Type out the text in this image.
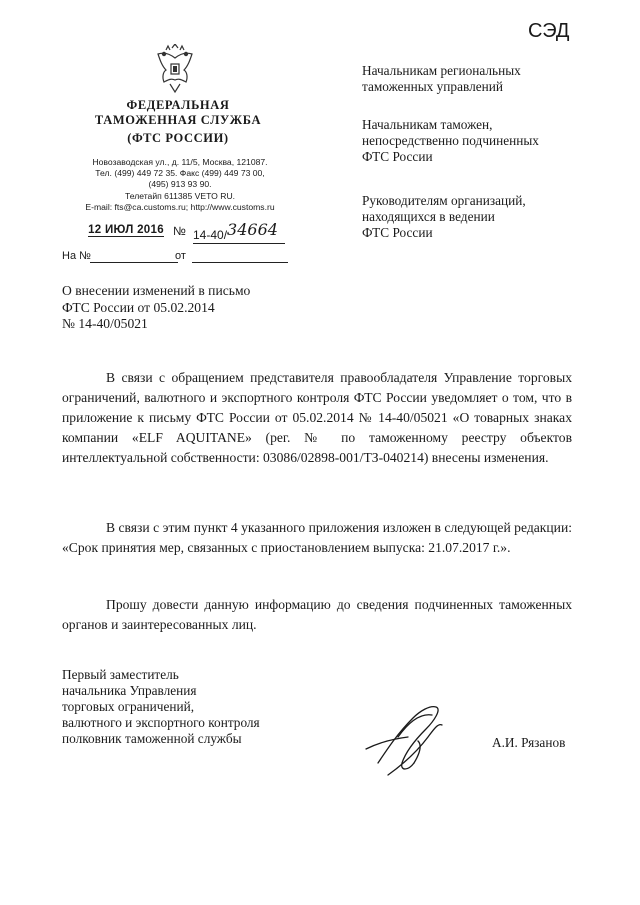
СЭД
ФЕДЕРАЛЬНАЯ
ТАМОЖЕННАЯ СЛУЖБА
(ФТС РОССИИ)
Новозаводская ул., д. 11/5, Москва, 121087.
Тел. (499) 449 72 35. Факс (499) 449 73 00,
(495) 913 93 90.
Телетайп 611385 VETO RU.
E-mail: fts@ca.customs.ru; http://www.customs.ru
12 ИЮЛ 2016 № 14-40/34664
На №	от
Начальникам региональных
таможенных управлений
Начальникам таможен,
непосредственно подчиненных
ФТС России
Руководителям организаций,
находящихся в ведении
ФТС России
О внесении изменений в письмо
ФТС России от 05.02.2014
№ 14-40/05021

В связи с обращением представителя правообладателя Управление торговых ограничений, валютного и экспортного контроля ФТС России уведомляет о том, что в приложение к письму ФТС России от 05.02.2014 № 14-40/05021 «О товарных знаках компании «ELF AQUITANE» (рег. № по таможенному реестру объектов интеллектуальной собственности: 03086/02898-001/ТЗ-040214) внесены изменения.

В связи с этим пункт 4 указанного приложения изложен в следующей редакции: «Срок принятия мер, связанных с приостановлением выпуска: 21.07.2017 г.».

Прошу довести данную информацию до сведения подчиненных таможенных органов и заинтересованных лиц.

Первый заместитель
начальника Управления
торговых ограничений,
валютного и экспортного контроля
полковник таможенной службы	А.И. Рязанов
